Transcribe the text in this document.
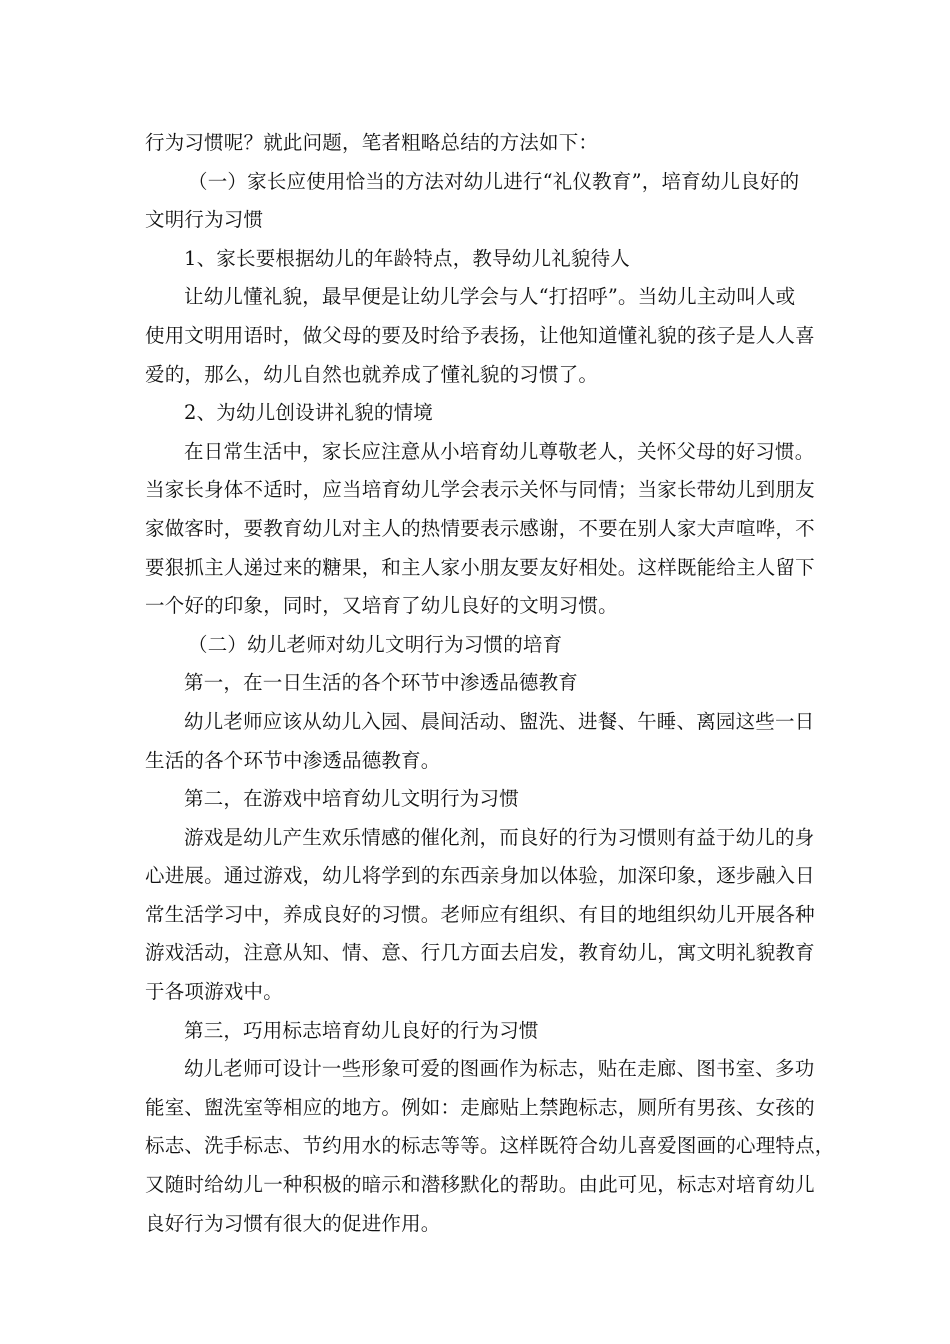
行为习惯呢？就此问题，笔者粗略总结的方法如下：
（一）家长应使用恰当的方法对幼儿进行“礼仪教育”，培育幼儿良好的
文明行为习惯
1、家长要根据幼儿的年龄特点，教导幼儿礼貌待人
让幼儿懂礼貌，最早便是让幼儿学会与人“打招呼”。当幼儿主动叫人或
使用文明用语时，做父母的要及时给予表扬，让他知道懂礼貌的孩子是人人喜
爱的，那么，幼儿自然也就养成了懂礼貌的习惯了。
2、为幼儿创设讲礼貌的情境
在日常生活中，家长应注意从小培育幼儿尊敬老人，关怀父母的好习惯。
当家长身体不适时，应当培育幼儿学会表示关怀与同情；当家长带幼儿到朋友
家做客时，要教育幼儿对主人的热情要表示感谢，不要在别人家大声喧哗，不
要狠抓主人递过来的糖果，和主人家小朋友要友好相处。这样既能给主人留下
一个好的印象，同时，又培育了幼儿良好的文明习惯。
（二）幼儿老师对幼儿文明行为习惯的培育
第一，在一日生活的各个环节中渗透品德教育
幼儿老师应该从幼儿入园、晨间活动、盥洗、进餐、午睡、离园这些一日
生活的各个环节中渗透品德教育。
第二，在游戏中培育幼儿文明行为习惯
游戏是幼儿产生欢乐情感的催化剂，而良好的行为习惯则有益于幼儿的身
心进展。通过游戏，幼儿将学到的东西亲身加以体验，加深印象，逐步融入日
常生活学习中，养成良好的习惯。老师应有组织、有目的地组织幼儿开展各种
游戏活动，注意从知、情、意、行几方面去启发，教育幼儿，寓文明礼貌教育
于各项游戏中。
第三，巧用标志培育幼儿良好的行为习惯
幼儿老师可设计一些形象可爱的图画作为标志，贴在走廊、图书室、多功
能室、盥洗室等相应的地方。例如：走廊贴上禁跑标志，厕所有男孩、女孩的
标志、洗手标志、节约用水的标志等等。这样既符合幼儿喜爱图画的心理特点，
又随时给幼儿一种积极的暗示和潜移默化的帮助。由此可见，标志对培育幼儿
良好行为习惯有很大的促进作用。
